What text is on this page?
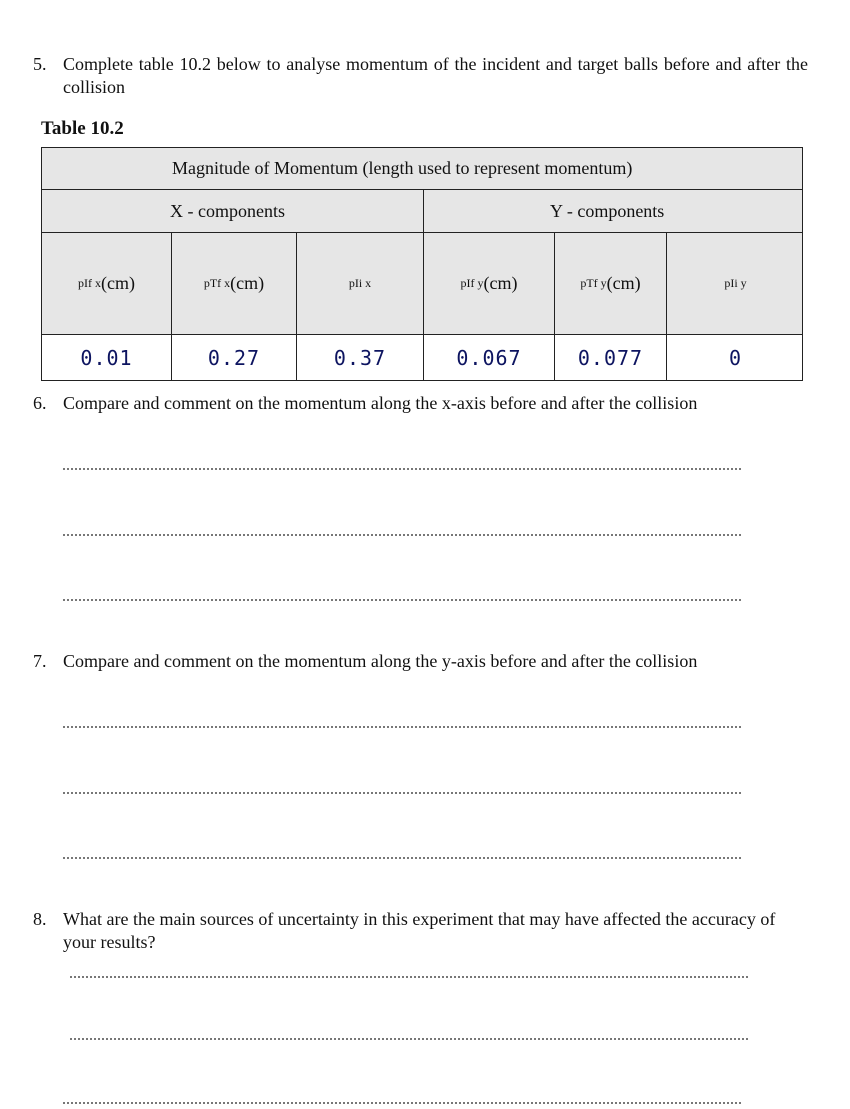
5. Complete table 10.2 below to analyse momentum of the incident and target balls before and after the collision
Table 10.2
Magnitude of Momentum (length used to represent momentum)
X - components	Y - components
pIf x (cm)	pTf x (cm)	pIi x	pIf y (cm)	pTf y (cm)	pIi y
0.01	0.27	0.37	0.067	0.077	0
6. Compare and comment on the momentum along the x-axis before and after the collision
7. Compare and comment on the momentum along the y-axis before and after the collision
8. What are the main sources of uncertainty in this experiment that may have affected the accuracy of your results?
